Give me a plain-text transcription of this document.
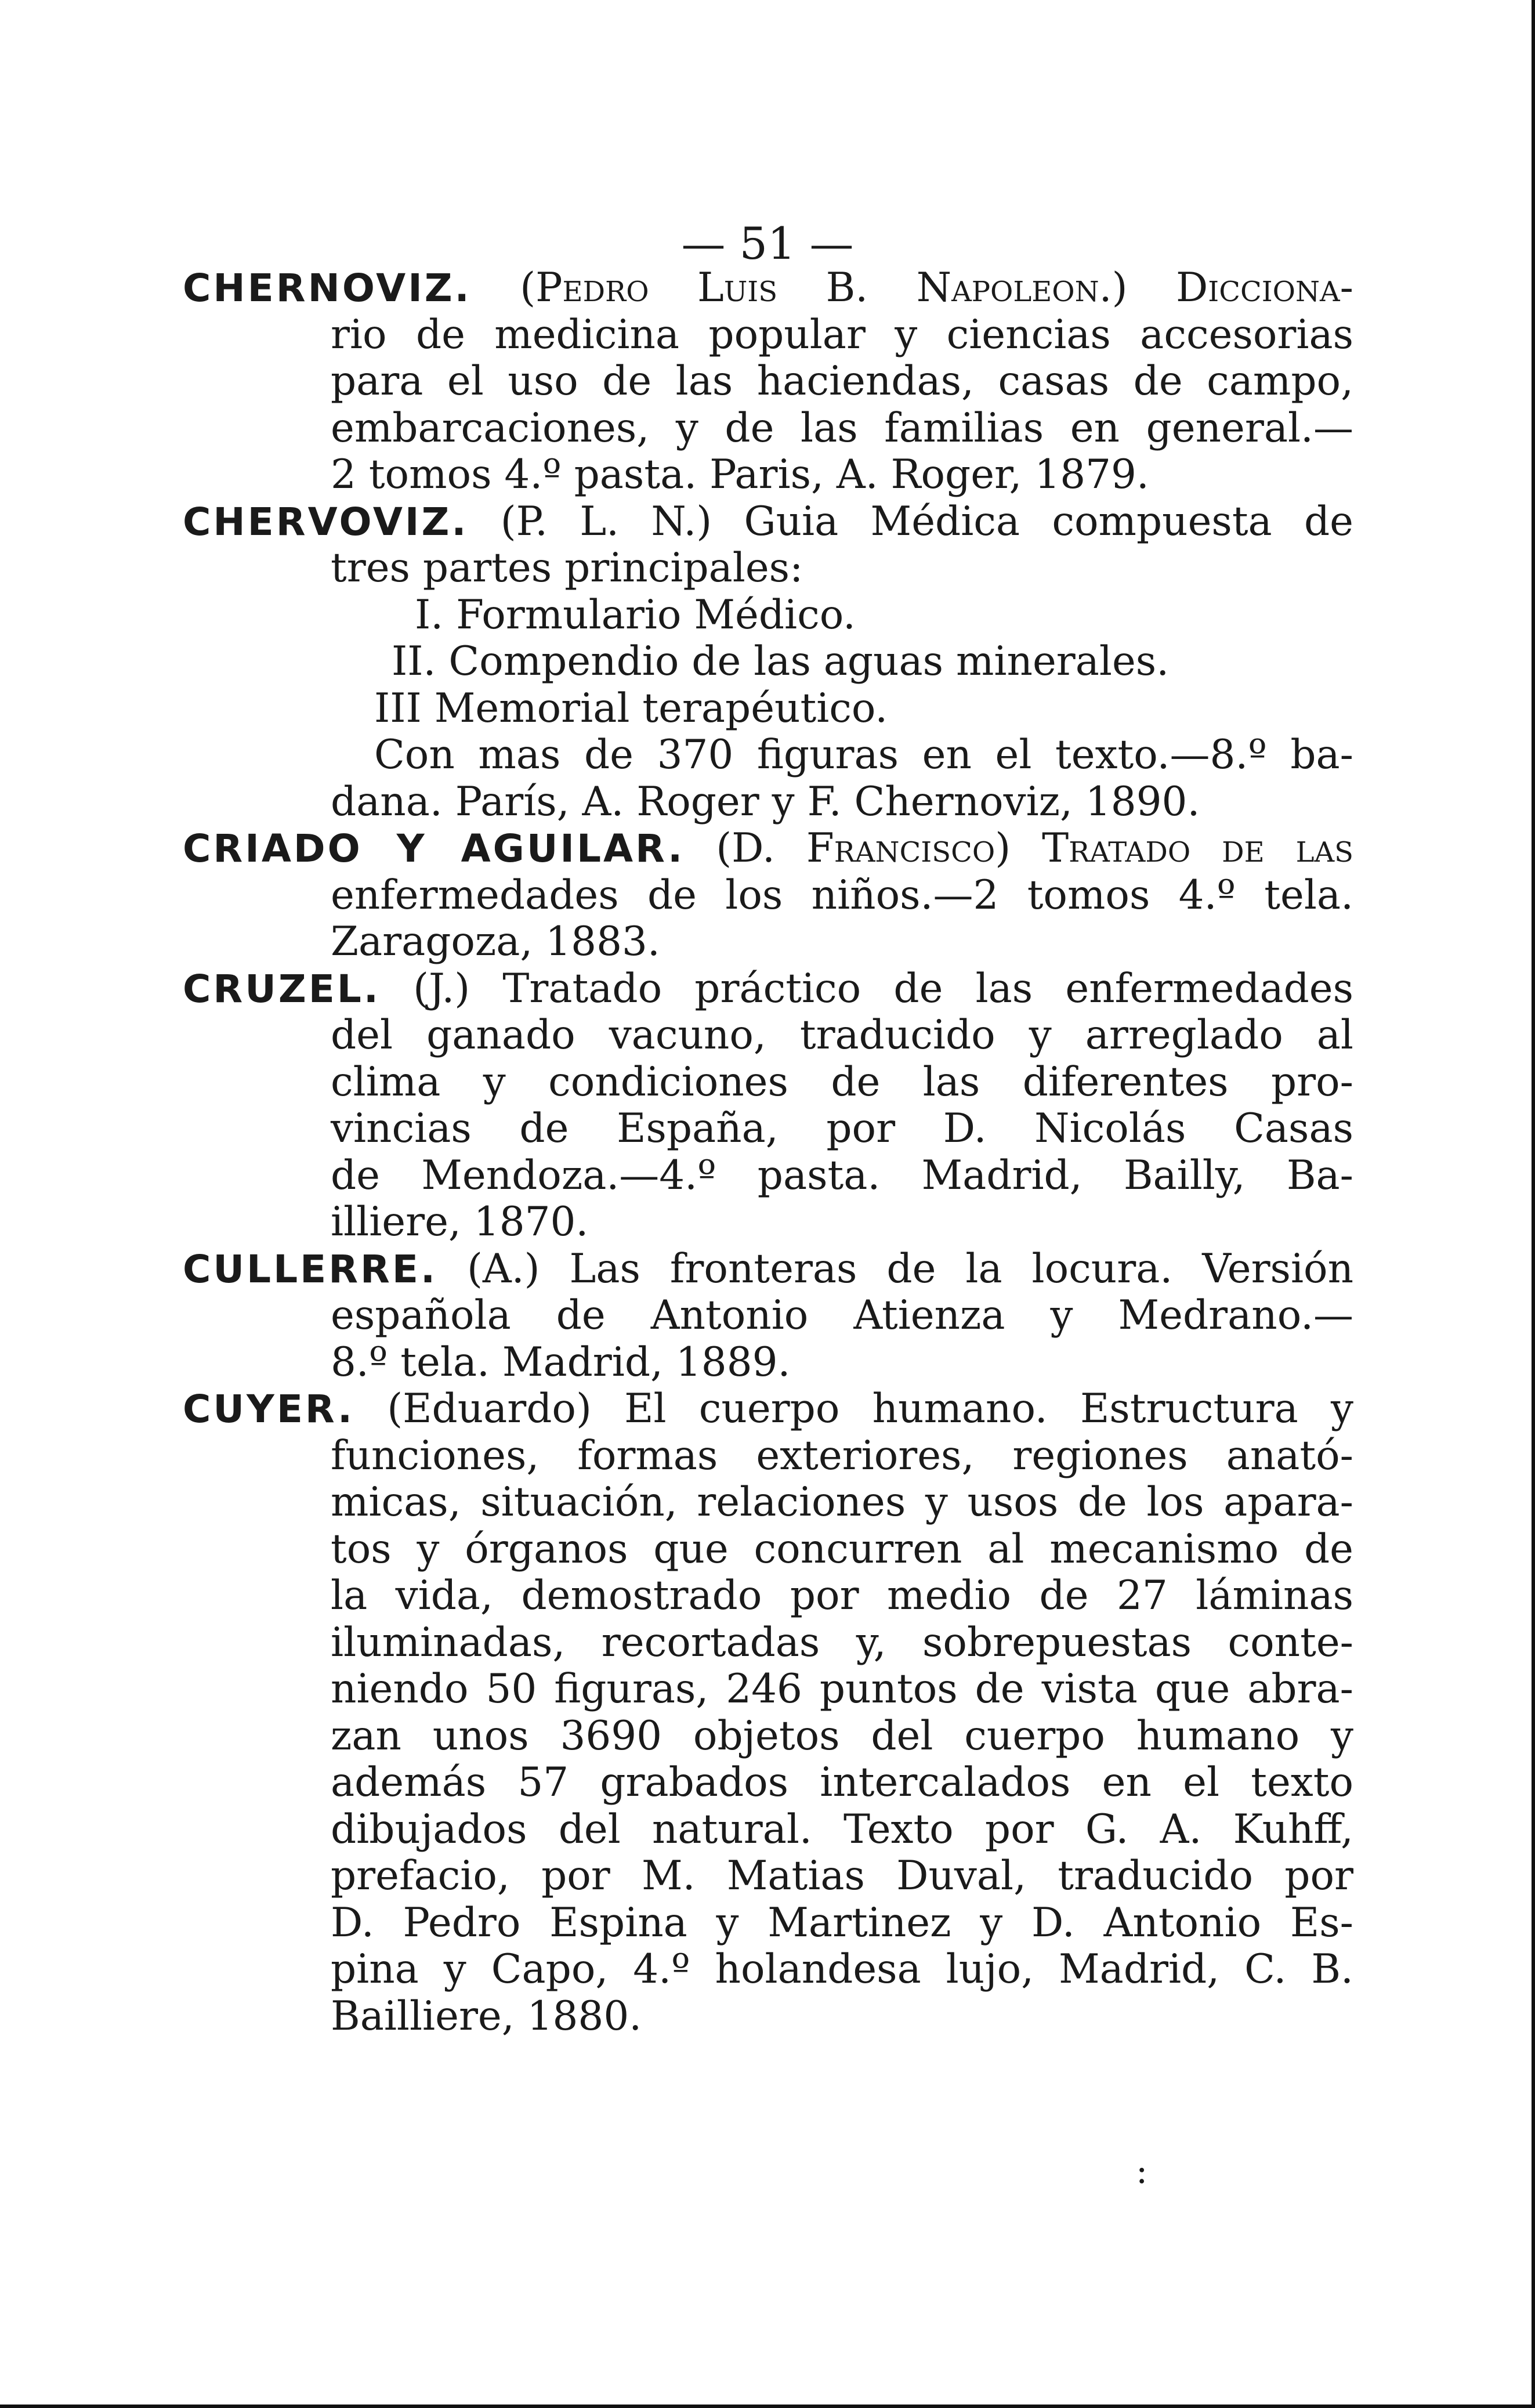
— 51 —
CHERNOVIZ. (Pedro Luis B. Napoleon.) Dicciona-
rio de medicina popular y ciencias accesorias
para el uso de las haciendas, casas de campo,
embarcaciones, y de las familias en general.—
2 tomos 4.º pasta. Paris, A. Roger, 1879.
CHERVOVIZ. (P. L. N.) Guia Médica compuesta de
tres partes principales:
I. Formulario Médico.
II. Compendio de las aguas minerales.
III Memorial terapéutico.
Con mas de 370 figuras en el texto.—8.º ba-
dana. París, A. Roger y F. Chernoviz, 1890.
CRIADO Y AGUILAR. (D. Francisco) Tratado de las
enfermedades de los niños.—2 tomos 4.º tela.
Zaragoza, 1883.
CRUZEL. (J.) Tratado práctico de las enfermedades
del ganado vacuno, traducido y arreglado al
clima y condiciones de las diferentes pro-
vincias de España, por D. Nicolás Casas
de Mendoza.—4.º pasta. Madrid, Bailly, Ba-
illiere, 1870.
CULLERRE. (A.) Las fronteras de la locura. Versión
española de Antonio Atienza y Medrano.—
8.º tela. Madrid, 1889.
CUYER. (Eduardo) El cuerpo humano. Estructura y
funciones, formas exteriores, regiones anató-
micas, situación, relaciones y usos de los apara-
tos y órganos que concurren al mecanismo de
la vida, demostrado por medio de 27 láminas
iluminadas, recortadas y, sobrepuestas conte-
niendo 50 figuras, 246 puntos de vista que abra-
zan unos 3690 objetos del cuerpo humano y
además 57 grabados intercalados en el texto
dibujados del natural. Texto por G. A. Kuhff,
prefacio, por M. Matias Duval, traducido por
D. Pedro Espina y Martinez y D. Antonio Es-
pina y Capo, 4.º holandesa lujo, Madrid, C. B.
Bailliere, 1880.
:
